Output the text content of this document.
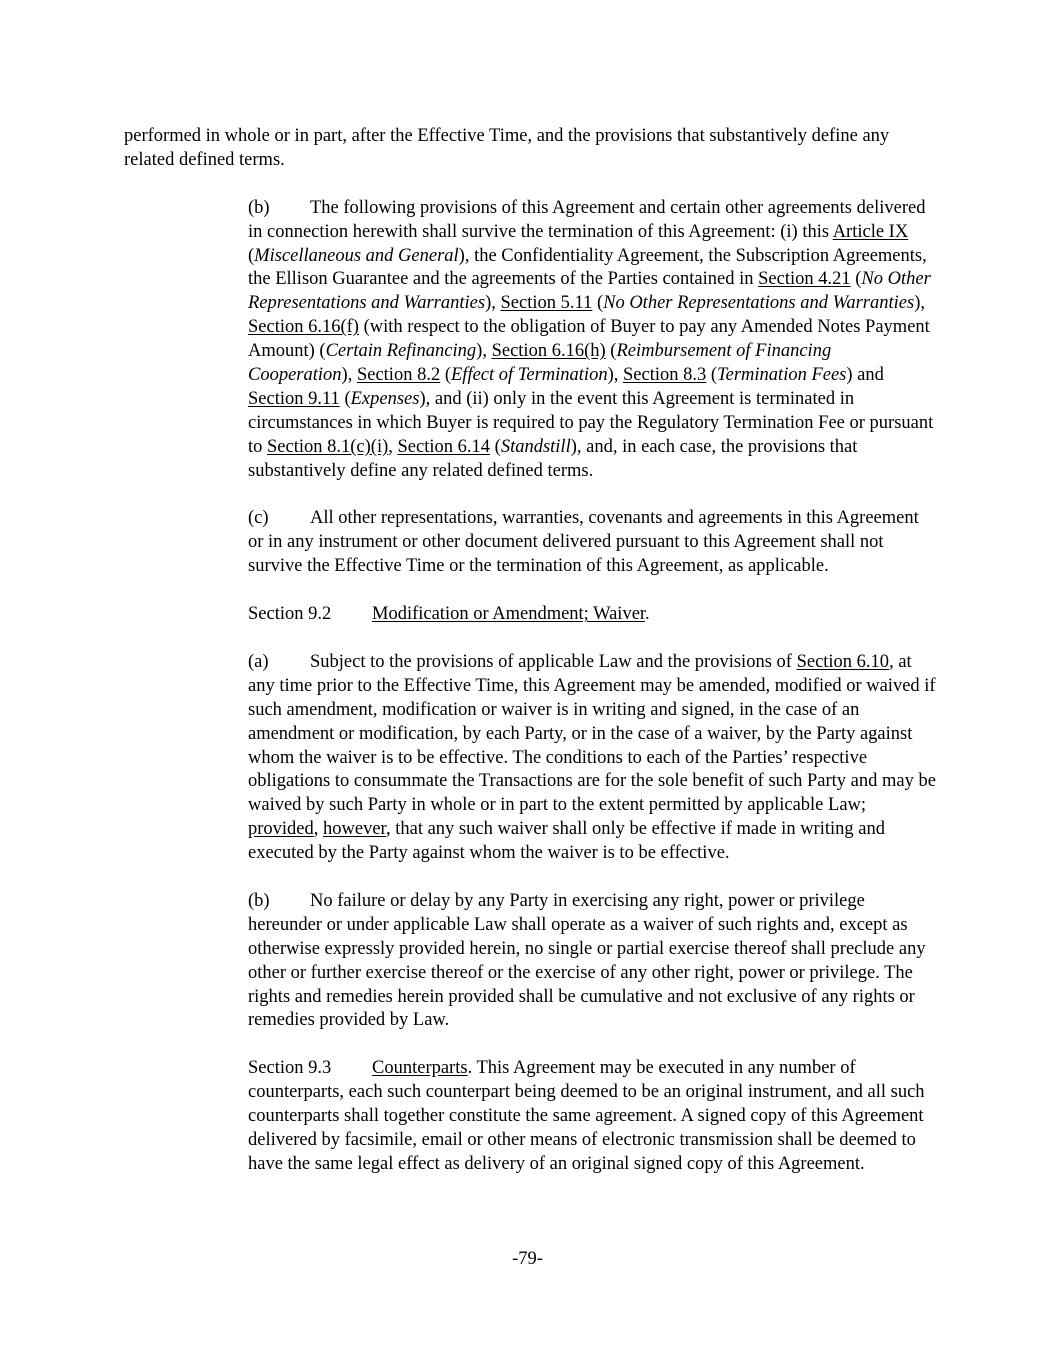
performed in whole or in part, after the Effective Time, and the provisions that substantively define any related defined terms.

(b) The following provisions of this Agreement and certain other agreements delivered in connection herewith shall survive the termination of this Agreement: (i) this Article IX (Miscellaneous and General), the Confidentiality Agreement, the Subscription Agreements, the Ellison Guarantee and the agreements of the Parties contained in Section 4.21 (No Other Representations and Warranties), Section 5.11 (No Other Representations and Warranties), Section 6.16(f) (with respect to the obligation of Buyer to pay any Amended Notes Payment Amount) (Certain Refinancing), Section 6.16(h) (Reimbursement of Financing Cooperation), Section 8.2 (Effect of Termination), Section 8.3 (Termination Fees) and Section 9.11 (Expenses), and (ii) only in the event this Agreement is terminated in circumstances in which Buyer is required to pay the Regulatory Termination Fee or pursuant to Section 8.1(c)(i), Section 6.14 (Standstill), and, in each case, the provisions that substantively define any related defined terms.

(c) All other representations, warranties, covenants and agreements in this Agreement or in any instrument or other document delivered pursuant to this Agreement shall not survive the Effective Time or the termination of this Agreement, as applicable.

Section 9.2 Modification or Amendment; Waiver.

(a) Subject to the provisions of applicable Law and the provisions of Section 6.10, at any time prior to the Effective Time, this Agreement may be amended, modified or waived if such amendment, modification or waiver is in writing and signed, in the case of an amendment or modification, by each Party, or in the case of a waiver, by the Party against whom the waiver is to be effective. The conditions to each of the Parties’ respective obligations to consummate the Transactions are for the sole benefit of such Party and may be waived by such Party in whole or in part to the extent permitted by applicable Law; provided, however, that any such waiver shall only be effective if made in writing and executed by the Party against whom the waiver is to be effective.

(b) No failure or delay by any Party in exercising any right, power or privilege hereunder or under applicable Law shall operate as a waiver of such rights and, except as otherwise expressly provided herein, no single or partial exercise thereof shall preclude any other or further exercise thereof or the exercise of any other right, power or privilege. The rights and remedies herein provided shall be cumulative and not exclusive of any rights or remedies provided by Law.

Section 9.3 Counterparts. This Agreement may be executed in any number of counterparts, each such counterpart being deemed to be an original instrument, and all such counterparts shall together constitute the same agreement. A signed copy of this Agreement delivered by facsimile, email or other means of electronic transmission shall be deemed to have the same legal effect as delivery of an original signed copy of this Agreement.

-79-
